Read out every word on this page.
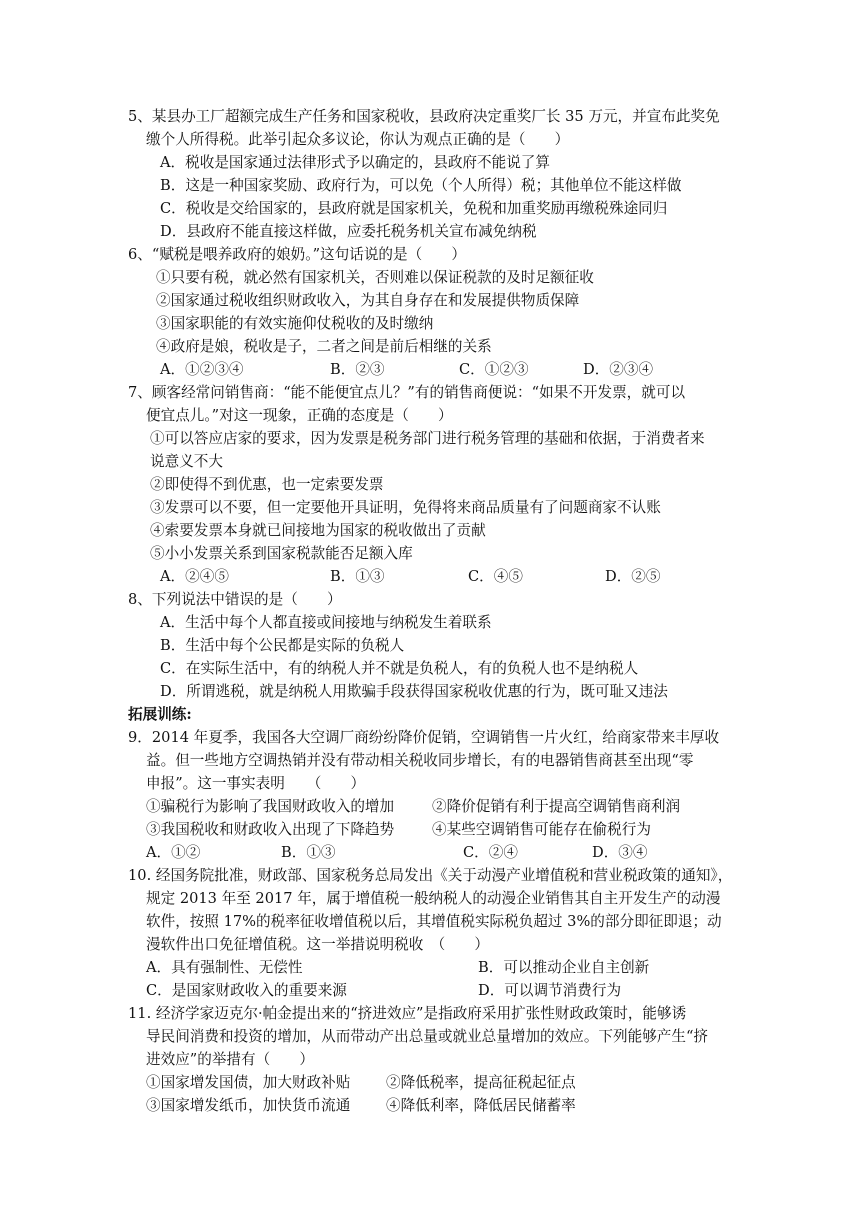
5、某县办工厂超额完成生产任务和国家税收，县政府决定重奖厂长 35 万元，并宣布此奖免
缴个人所得税。此举引起众多议论，你认为观点正确的是（　　）
A．税收是国家通过法律形式予以确定的，县政府不能说了算
B．这是一种国家奖励、政府行为，可以免（个人所得）税；其他单位不能这样做
C．税收是交给国家的，县政府就是国家机关，免税和加重奖励再缴税殊途同归
D．县政府不能直接这样做，应委托税务机关宣布减免纳税
6、“赋税是喂养政府的娘奶。”这句话说的是（　　）
①只要有税，就必然有国家机关，否则难以保证税款的及时足额征收
②国家通过税收组织财政收入，为其自身存在和发展提供物质保障
③国家职能的有效实施仰仗税收的及时缴纳
④政府是娘，税收是子，二者之间是前后相继的关系
A．①②③④	B．②③	C．①②③	D．②③④
7、顾客经常问销售商：“能不能便宜点儿？”有的销售商便说：“如果不开发票，就可以
便宜点儿。”对这一现象，正确的态度是（　　）
①可以答应店家的要求，因为发票是税务部门进行税务管理的基础和依据，于消费者来
说意义不大
②即使得不到优惠，也一定索要发票
③发票可以不要，但一定要他开具证明，免得将来商品质量有了问题商家不认账
④索要发票本身就已间接地为国家的税收做出了贡献
⑤小小发票关系到国家税款能否足额入库
A．②④⑤	B．①③	C．④⑤	D．②⑤
8、下列说法中错误的是（　　）
A．生活中每个人都直接或间接地与纳税发生着联系
B．生活中每个公民都是实际的负税人
C．在实际生活中，有的纳税人并不就是负税人，有的负税人也不是纳税人
D．所谓逃税，就是纳税人用欺骗手段获得国家税收优惠的行为，既可耻又违法
拓展训练:
9．2014 年夏季，我国各大空调厂商纷纷降价促销，空调销售一片火红，给商家带来丰厚收
益。但一些地方空调热销并没有带动相关税收同步增长，有的电器销售商甚至出现“零
申报”。这一事实表明　　（　　）
①骗税行为影响了我国财政收入的增加	②降价促销有利于提高空调销售商利润
③我国税收和财政收入出现了下降趋势	④某些空调销售可能存在偷税行为
A．①②	B．①③	C．②④	D．③④
10. 经国务院批准，财政部、国家税务总局发出《关于动漫产业增值税和营业税政策的通知》，
规定 2013 年至 2017 年，属于增值税一般纳税人的动漫企业销售其自主开发生产的动漫
软件，按照 17%的税率征收增值税以后，其增值税实际税负超过 3%的部分即征即退；动
漫软件出口免征增值税。这一举措说明税收　（　　）
A．具有强制性、无偿性	B．可以推动企业自主创新
C．是国家财政收入的重要来源	D．可以调节消费行为
11. 经济学家迈克尔·帕金提出来的“挤进效应”是指政府采用扩张性财政政策时，能够诱
导民间消费和投资的增加，从而带动产出总量或就业总量增加的效应。下列能够产生“挤
进效应”的举措有（　　）
①国家增发国债，加大财政补贴 ②降低税率，提高征税起征点
③国家增发纸币，加快货币流通 ④降低利率，降低居民储蓄率
